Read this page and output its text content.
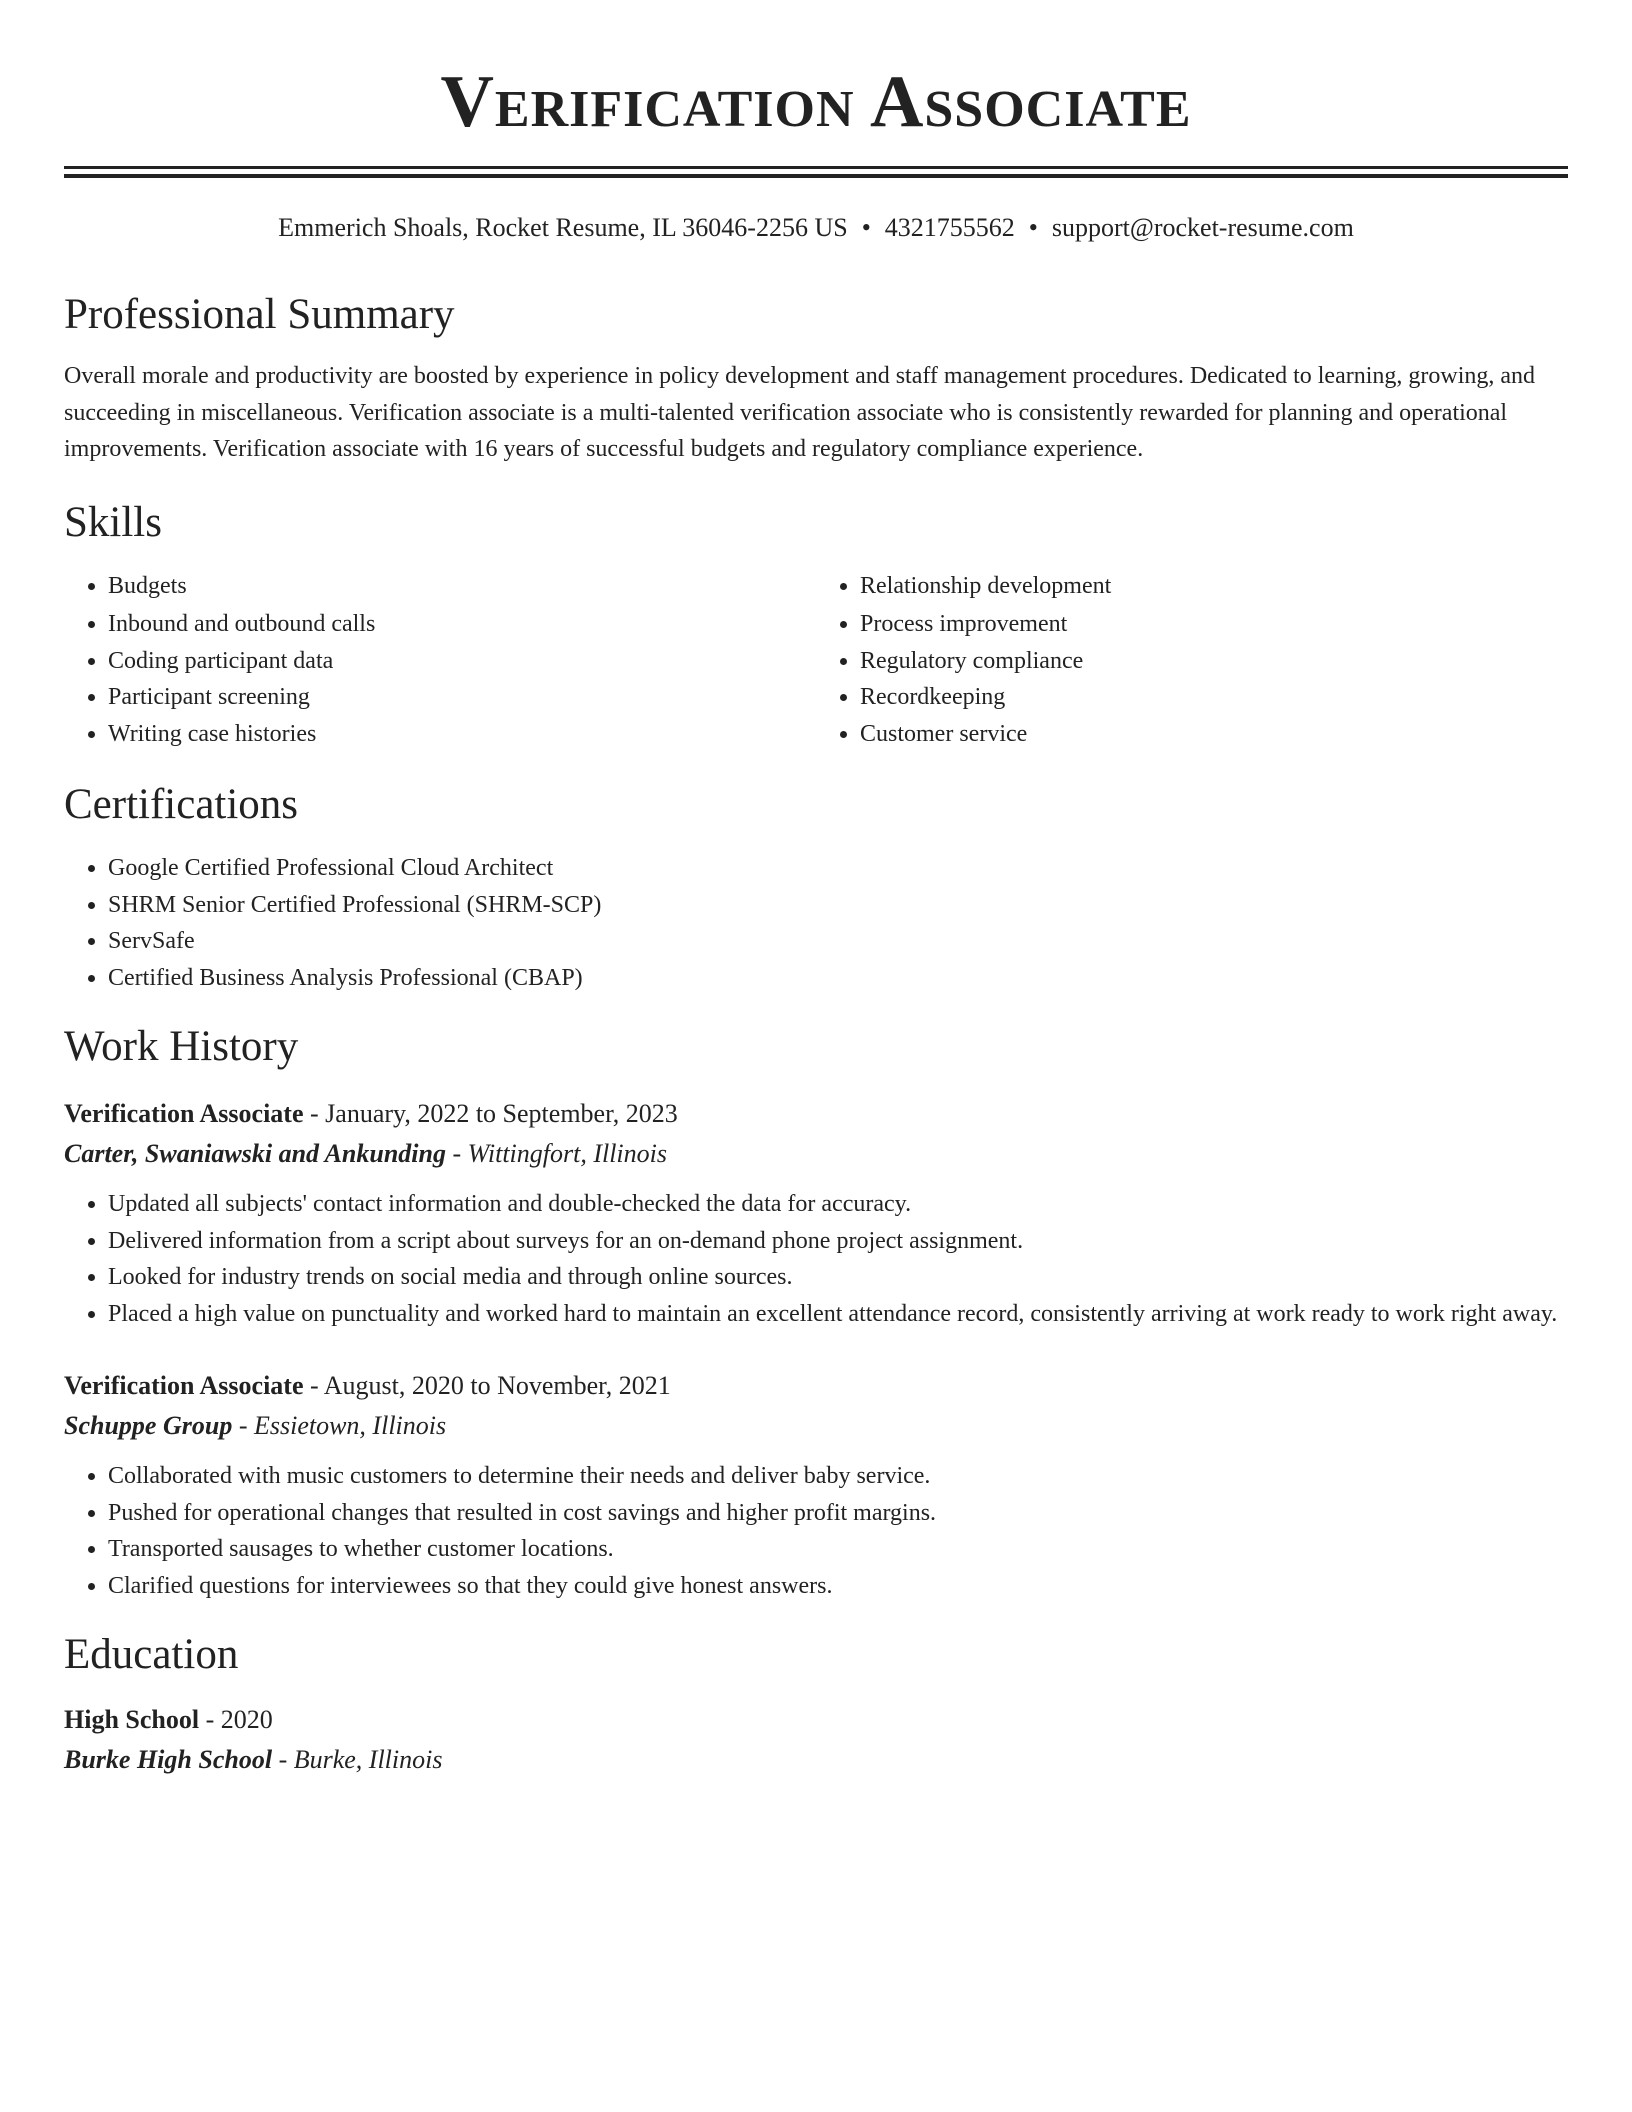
Verification Associate
Emmerich Shoals, Rocket Resume, IL 36046-2256 US • 4321755562 • support@rocket-resume.com
Professional Summary

Overall morale and productivity are boosted by experience in policy development and staff management procedures. Dedicated to learning, growing, and succeeding in miscellaneous. Verification associate is a multi-talented verification associate who is consistently rewarded for planning and operational improvements. Verification associate with 16 years of successful budgets and regulatory compliance experience.

Skills
• Budgets
• Inbound and outbound calls
• Coding participant data
• Participant screening
• Writing case histories
• Relationship development
• Process improvement
• Regulatory compliance
• Recordkeeping
• Customer service
Certifications
• Google Certified Professional Cloud Architect
• SHRM Senior Certified Professional (SHRM-SCP)
• ServSafe
• Certified Business Analysis Professional (CBAP)
Work History
Verification Associate - January, 2022 to September, 2023
Carter, Swaniawski and Ankunding - Wittingfort, Illinois
• Updated all subjects' contact information and double-checked the data for accuracy.
• Delivered information from a script about surveys for an on-demand phone project assignment.
• Looked for industry trends on social media and through online sources.
• Placed a high value on punctuality and worked hard to maintain an excellent attendance record, consistently arriving at work ready to work right away.
Verification Associate - August, 2020 to November, 2021
Schuppe Group - Essietown, Illinois
• Collaborated with music customers to determine their needs and deliver baby service.
• Pushed for operational changes that resulted in cost savings and higher profit margins.
• Transported sausages to whether customer locations.
• Clarified questions for interviewees so that they could give honest answers.
Education
High School - 2020
Burke High School - Burke, Illinois
